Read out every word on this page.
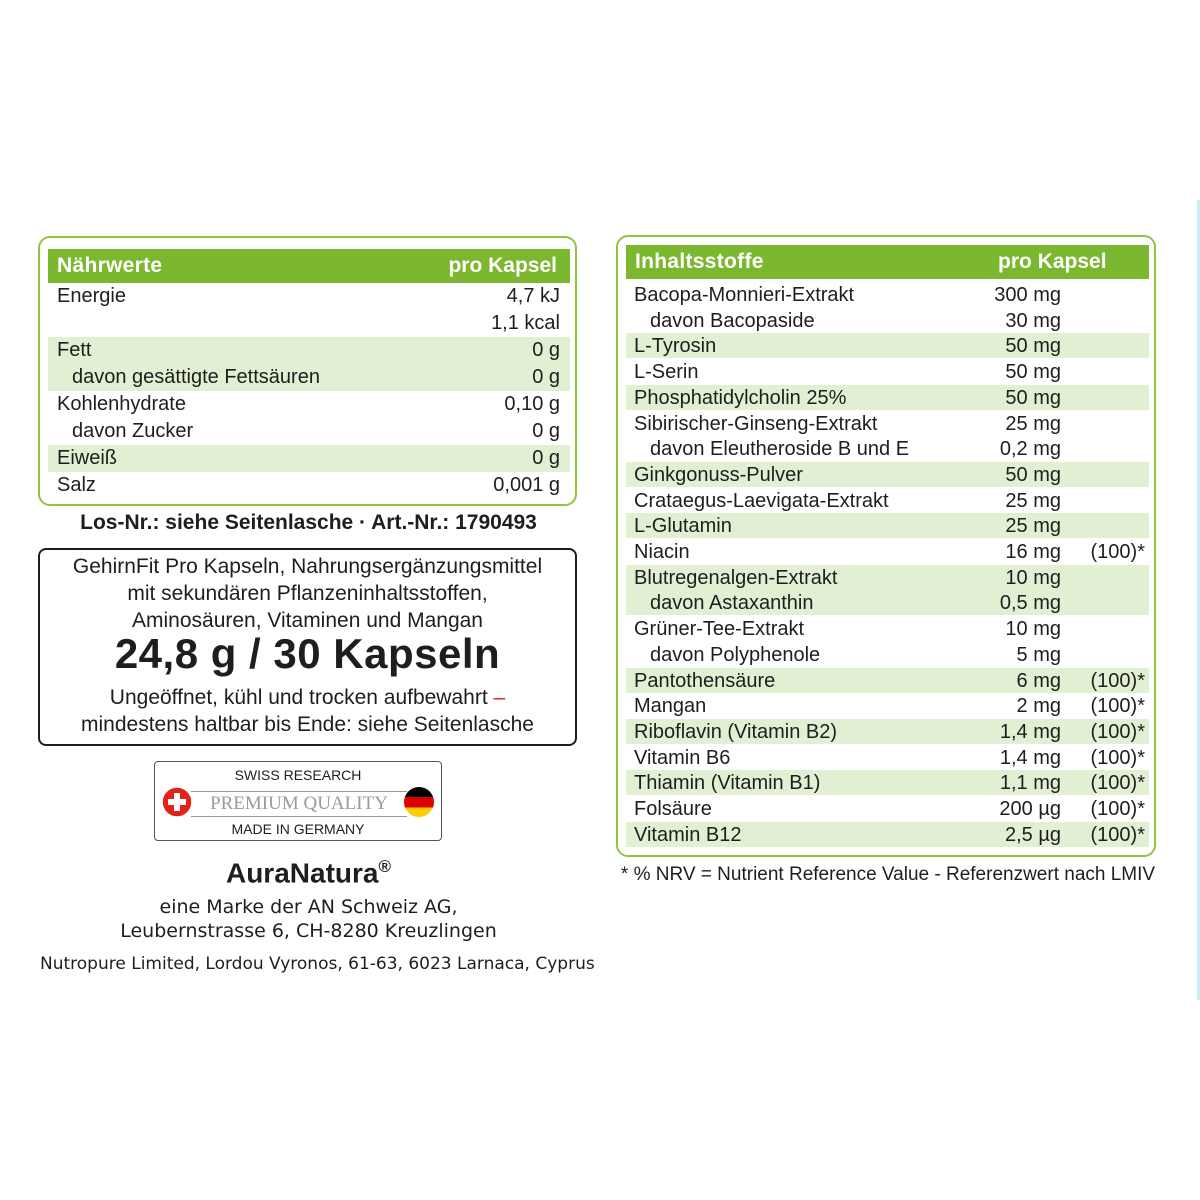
Nährwerte	pro Kapsel
Energie	4,7 kJ
1,1 kcal
Fett	0 g
davon gesättigte Fettsäuren	0 g
Kohlenhydrate	0,10 g
davon Zucker	0 g
Eiweiß	0 g
Salz	0,001 g
Los-Nr.: siehe Seitenlasche · Art.-Nr.: 1790493
GehirnFit Pro Kapseln, Nahrungsergänzungsmittel
mit sekundären Pflanzeninhaltsstoffen,
Aminosäuren, Vitaminen und Mangan
24,8 g / 30 Kapseln
Ungeöffnet, kühl und trocken aufbewahrt –
mindestens haltbar bis Ende: siehe Seitenlasche
SWISS RESEARCH
PREMIUM QUALITY
MADE IN GERMANY
AuraNatura®
eine Marke der AN Schweiz AG,
Leubernstrasse 6, CH-8280 Kreuzlingen
Nutropure Limited, Lordou Vyronos, 61-63, 6023 Larnaca, Cyprus
Inhaltsstoffe	pro Kapsel
Bacopa-Monnieri-Extrakt	300 mg
davon Bacopaside	30 mg
L-Tyrosin	50 mg
L-Serin	50 mg
Phosphatidylcholin 25%	50 mg
Sibirischer-Ginseng-Extrakt	25 mg
davon Eleutheroside B und E	0,2 mg
Ginkgonuss-Pulver	50 mg
Crataegus-Laevigata-Extrakt	25 mg
L-Glutamin	25 mg
Niacin	16 mg (100)*
Blutregenalgen-Extrakt	10 mg
davon Astaxanthin	0,5 mg
Grüner-Tee-Extrakt	10 mg
davon Polyphenole	5 mg
Pantothensäure	6 mg (100)*
Mangan	2 mg (100)*
Riboflavin (Vitamin B2)	1,4 mg (100)*
Vitamin B6	1,4 mg (100)*
Thiamin (Vitamin B1)	1,1 mg (100)*
Folsäure	200 µg (100)*
Vitamin B12	2,5 µg (100)*
* % NRV = Nutrient Reference Value - Referenzwert nach LMIV
